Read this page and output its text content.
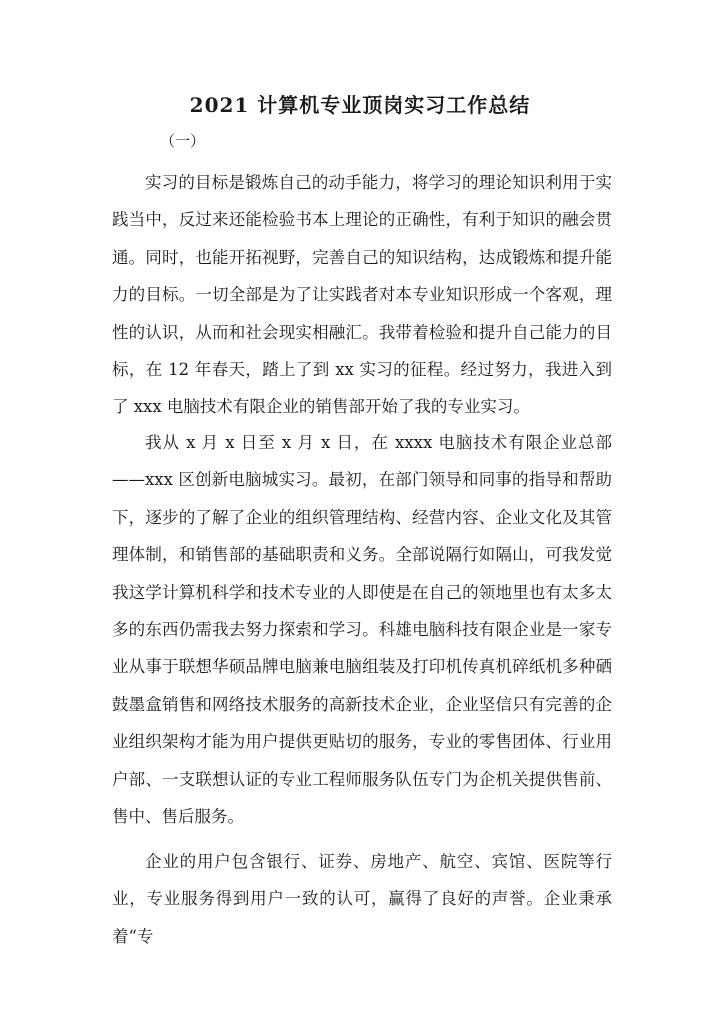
2021 计算机专业顶岗实习工作总结
（一）

实习的目标是锻炼自己的动手能力，将学习的理论知识利用于实践当中，反过来还能检验书本上理论的正确性，有利于知识的融会贯通。同时，也能开拓视野，完善自己的知识结构，达成锻炼和提升能力的目标。一切全部是为了让实践者对本专业知识形成一个客观，理性的认识，从而和社会现实相融汇。我带着检验和提升自己能力的目标，在 12 年春天，踏上了到 xx 实习的征程。经过努力，我进入到了 xxx 电脑技术有限企业的销售部开始了我的专业实习。

我从 x 月 x 日至 x 月 x 日，在 xxxx 电脑技术有限企业总部——xxx 区创新电脑城实习。最初，在部门领导和同事的指导和帮助下，逐步的了解了企业的组织管理结构、经营内容、企业文化及其管理体制，和销售部的基础职责和义务。全部说隔行如隔山，可我发觉我这学计算机科学和技术专业的人即使是在自己的领地里也有太多太多的东西仍需我去努力探索和学习。科雄电脑科技有限企业是一家专业从事于联想华硕品牌电脑兼电脑组装及打印机传真机碎纸机多种硒鼓墨盒销售和网络技术服务的高新技术企业，企业坚信只有完善的企业组织架构才能为用户提供更贴切的服务，专业的零售团体、行业用户部、一支联想认证的专业工程师服务队伍专门为企机关提供售前、售中、售后服务。

企业的用户包含银行、证券、房地产、航空、宾馆、医院等行业，专业服务得到用户一致的认可，赢得了良好的声誉。企业秉承着“专
